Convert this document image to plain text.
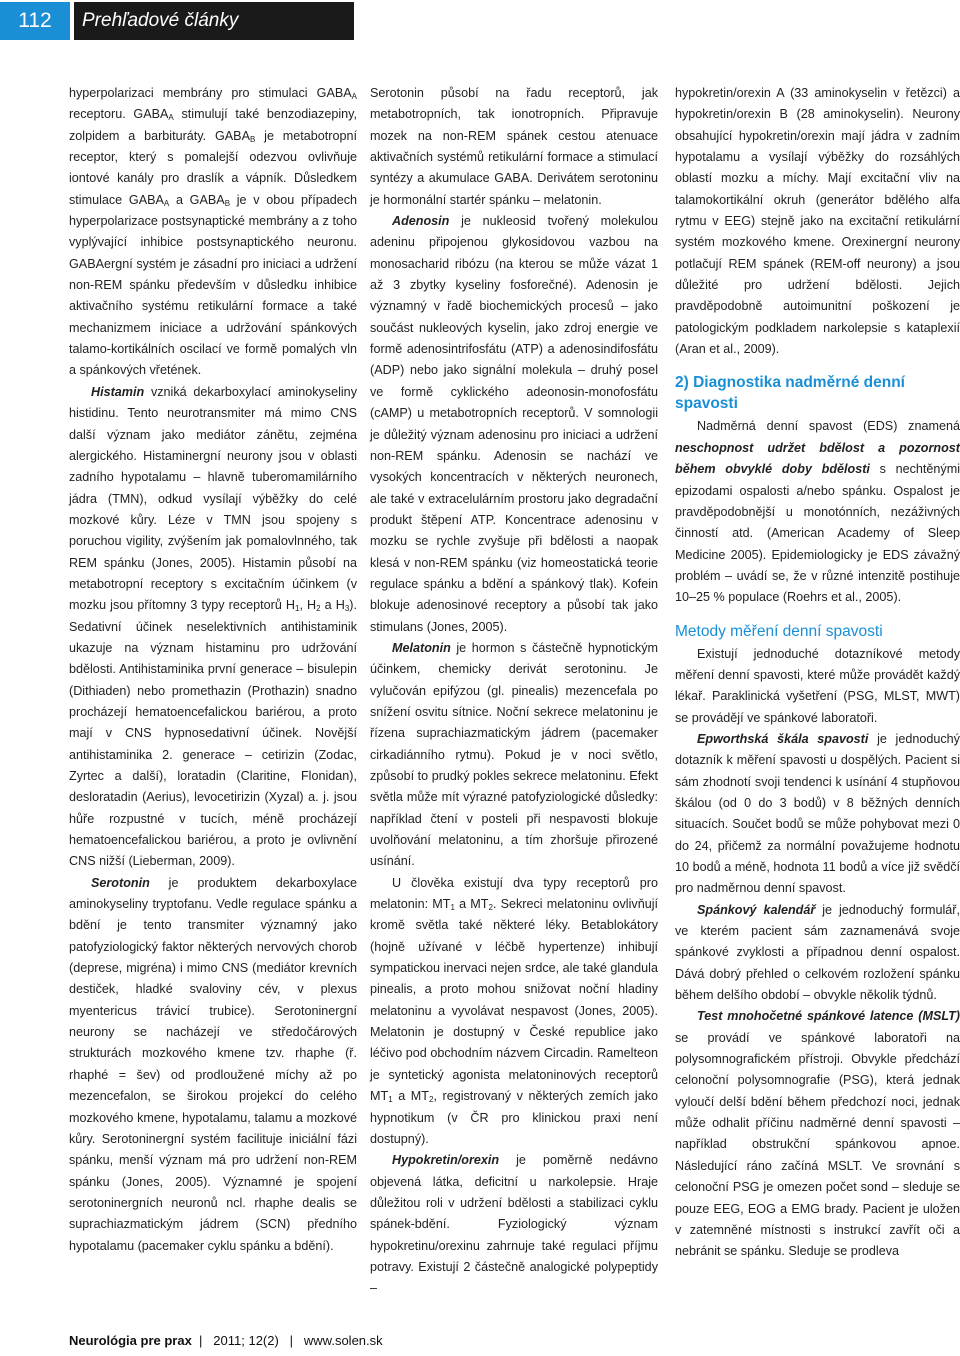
112	Prehľadové články

hyperpolarizaci membrány pro stimulaci $GABA_A$ receptoru. $GABA_A$ stimulují také benzodiazepiny, zolpidem a barbituráty. $GABA_B$ je metabotropní receptor, který s pomalejší odezvou ovlivňuje iontové kanály pro draslík a vápník. Důsledkem stimulace $GABA_A$ a $GABA_B$ je v obou případech hyperpolarizace postsynaptické membrány a z toho vyplývající inhibice postsynaptického neuronu. GABAergní systém je zásadní pro iniciaci a udržení non-REM spánku především v důsledku inhibice aktivačního systému retikulární formace a také mechanizmem iniciace a udržování spánkových talamo-kortikálních oscilací ve formě pomalých vln a spánkových vřetének.

Histamin vzniká dekarboxylací aminokyseliny histidinu. Tento neurotransmiter má mimo CNS další význam jako mediátor zánětu, zejména alergického. Histaminergní neurony jsou v oblasti zadního hypotalamu – hlavně tuberomamilárního jádra (TMN), odkud vysílají výběžky do celé mozkové kůry. Léze v TMN jsou spojeny s poruchou vigility, zvýšením jak pomalovlnného, tak REM spánku (Jones, 2005). Histamin působí na metabotropní receptory s excitačním účinkem (v mozku jsou přítomny 3 typy receptorů $H_1$, $H_2$ a $H_3$). Sedativní účinek neselektivních antihistaminik ukazuje na význam histaminu pro udržování bdělosti. Antihistaminika první generace – bisulepin (Dithiaden) nebo promethazin (Prothazin) snadno procházejí hematoencefalickou bariérou, a proto mají v CNS hypnosedativní účinek. Novější antihistaminika 2. generace – cetirizin (Zodac, Zyrtec a další), loratadin (Claritine, Flonidan), desloratadin (Aerius), levocetirizin (Xyzal) a. j. jsou hůře rozpustné v tucích, méně procházejí hematoencefalickou bariérou, a proto je ovlivnění CNS nižší (Lieberman, 2009).

Serotonin je produktem dekarboxylace aminokyseliny tryptofanu. Vedle regulace spánku a bdění je tento transmiter významný jako patofyziologický faktor některých nervových chorob (deprese, migréna) i mimo CNS (mediátor krevních destiček, hladké svaloviny cév, v plexus myentericus trávicí trubice). Serotoninergní neurony se nacházejí ve středočárových strukturách mozkového kmene tzv. rhaphe (ř. rhaphé = šev) od prodloužené míchy až po mezencefalon, se širokou projekcí do celého mozkového kmene, hypotalamu, talamu a mozkové kůry. Serotoninergní systém facilituje iniciální fázi spánku, menší význam má pro udržení non-REM spánku (Jones, 2005). Významné je spojení serotoninergních neuronů ncl. rhaphe dealis se suprachiazmatickým jádrem (SCN) předního hypotalamu (pacemaker cyklu spánku a bdění).

Serotonin působí na řadu receptorů, jak metabotropních, tak ionotropních. Připravuje mozek na non-REM spánek cestou atenuace aktivačních systémů retikulární formace a stimulací syntézy a akumulace GABA. Derivátem serotoninu je hormonální startér spánku – melatonin.

Adenosin je nukleosid tvořený molekulou adeninu připojenou glykosidovou vazbou na monosacharid ribózu (na kterou se může vázat 1 až 3 zbytky kyseliny fosforečné). Adenosin je významný v řadě biochemických procesů – jako součást nukleových kyselin, jako zdroj energie ve formě adenosintrifosfátu (ATP) a adenosindifosfátu (ADP) nebo jako signální molekula – druhý posel ve formě cyklického adeonosin-monofosfátu (cAMP) u metabotropních receptorů. V somnologii je důležitý význam adenosinu pro iniciaci a udržení non-REM spánku. Adenosin se nachází ve vysokých koncentracích v některých neuronech, ale také v extracelulárním prostoru jako degradační produkt štěpení ATP. Koncentrace adenosinu v mozku se rychle zvyšuje při bdělosti a naopak klesá v non-REM spánku (viz homeostatická teorie regulace spánku a bdění a spánkový tlak). Kofein blokuje adenosinové receptory a působí tak jako stimulans (Jones, 2005).

Melatonin je hormon s částečně hypnotickým účinkem, chemicky derivát serotoninu. Je vylučován epifýzou (gl. pinealis) mezencefala po snížení osvitu sítnice. Noční sekrece melatoninu je řízena suprachiazmatickým jádrem (pacemaker cirkadiánního rytmu). Pokud je v noci světlo, způsobí to prudký pokles sekrece melatoninu. Efekt světla může mít výrazné patofyziologické důsledky: například čtení v posteli při nespavosti blokuje uvolňování melatoninu, a tím zhoršuje přirozené usínání.

U člověka existují dva typy receptorů pro melatonin: $MT_1$ a $MT_2$. Sekreci melatoninu ovlivňují kromě světla také některé léky. Betablokátory (hojně užívané v léčbě hypertenze) inhibují sympatickou inervaci nejen srdce, ale také glandula pinealis, a proto mohou snižovat noční hladiny melatoninu a vyvolávat nespavost (Jones, 2005). Melatonin je dostupný v České republice jako léčivo pod obchodním názvem Circadin. Ramelteon je syntetický agonista melatoninových receptorů $MT_1$ a $MT_2$, registrovaný v některých zemích jako hypnotikum (v ČR pro klinickou praxi není dostupný).

Hypokretin/orexin je poměrně nedávno objevená látka, deficitní u narkolepsie. Hraje důležitou roli v udržení bdělosti a stabilizaci cyklu spánek-bdění. Fyziologický význam hypokretinu/orexinu zahrnuje také regulaci příjmu potravy. Existují 2 částečně analogické polypeptidy –

hypokretin/orexin A (33 aminokyselin v řetězci) a hypokretin/orexin B (28 aminokyselin). Neurony obsahující hypokretin/orexin mají jádra v zadním hypotalamu a vysílají výběžky do rozsáhlých oblastí mozku a míchy. Mají excitační vliv na talamokortikální okruh (generátor bdělého alfa rytmu v EEG) stejně jako na excitační retikulární systém mozkového kmene. Orexinergní neurony potlačují REM spánek (REM-off neurony) a jsou důležité pro udržení bdělosti. Jejich pravděpodobně autoimunitní poškození je patologickým podkladem narkolepsie s kataplexií (Aran et al., 2009).

2) Diagnostika nadměrné denní spavosti

Nadměrná denní spavost (EDS) znamená neschopnost udržet bdělost a pozornost během obvyklé doby bdělosti s nechtěnými epizodami ospalosti a/nebo spánku. Ospalost je pravděpodobnější u monotónních, nezáživných činností atd. (American Academy of Sleep Medicine 2005). Epidemiologicky je EDS závažný problém – uvádí se, že v různé intenzitě postihuje 10–25 % populace (Roehrs et al., 2005).

Metody měření denní spavosti

Existují jednoduché dotazníkové metody měření denní spavosti, které může provádět každý lékař. Paraklinická vyšetření (PSG, MLST, MWT) se provádějí ve spánkové laboratoři.

Epworthská škála spavosti je jednoduchý dotazník k měření spavosti u dospělých. Pacient si sám zhodnotí svoji tendenci k usínání 4 stupňovou škálou (od 0 do 3 bodů) v 8 běžných denních situacích. Součet bodů se může pohybovat mezi 0 do 24, přičemž za normální považujeme hodnotu 10 bodů a méně, hodnota 11 bodů a více již svědčí pro nadměrnou denní spavost.

Spánkový kalendář je jednoduchý formulář, ve kterém pacient sám zaznamenává svoje spánkové zvyklosti a případnou denní ospalost. Dává dobrý přehled o celkovém rozložení spánku během delšího období – obvykle několik týdnů.

Test mnohočetné spánkové latence (MSLT) se provádí ve spánkové laboratoři na polysomnografickém přístroji. Obvykle předchází celonoční polysomnografie (PSG), která jednak vyloučí delší bdění během předchozí noci, jednak může odhalit příčinu nadměrné denní spavosti – například obstrukční spánkovou apnoe. Následující ráno začíná MSLT. Ve srovnání s celonoční PSG je omezen počet sond – sleduje se pouze EEG, EOG a EMG brady. Pacient je uložen v zatemněné místnosti s instrukcí zavřít oči a nebránit se spánku. Sleduje se prodleva

Neurológia pre prax  |   2011; 12(2)   |   www.solen.sk
